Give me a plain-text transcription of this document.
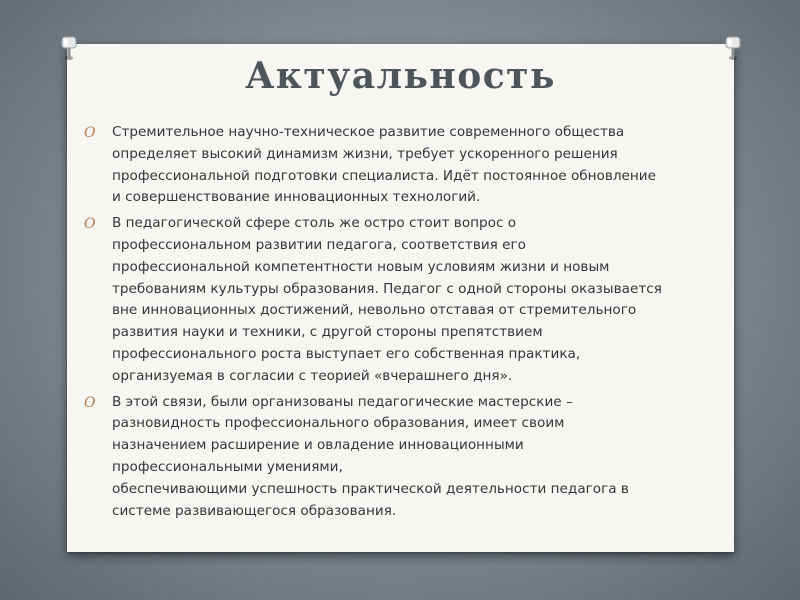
Актуальность
O Стремительное научно-техническое развитие современного общества
определяет высокий динамизм жизни, требует ускоренного решения
профессиональной подготовки специалиста. Идёт постоянное обновление
и совершенствование инновационных технологий.
O В педагогической сфере столь же остро стоит вопрос о
профессиональном развитии педагога, соответствия его
профессиональной компетентности новым условиям жизни и новым
требованиям культуры образования. Педагог с одной стороны оказывается
вне инновационных достижений, невольно отставая от стремительного
развития науки и техники, с другой стороны препятствием
профессионального роста выступает его собственная практика,
организуемая в согласии с теорией «вчерашнего дня».
O В этой связи, были организованы педагогические мастерские –
разновидность профессионального образования, имеет своим
назначением расширение и овладение инновационными
профессиональными умениями,
обеспечивающими успешность практической деятельности педагога в
системе развивающегося образования.
